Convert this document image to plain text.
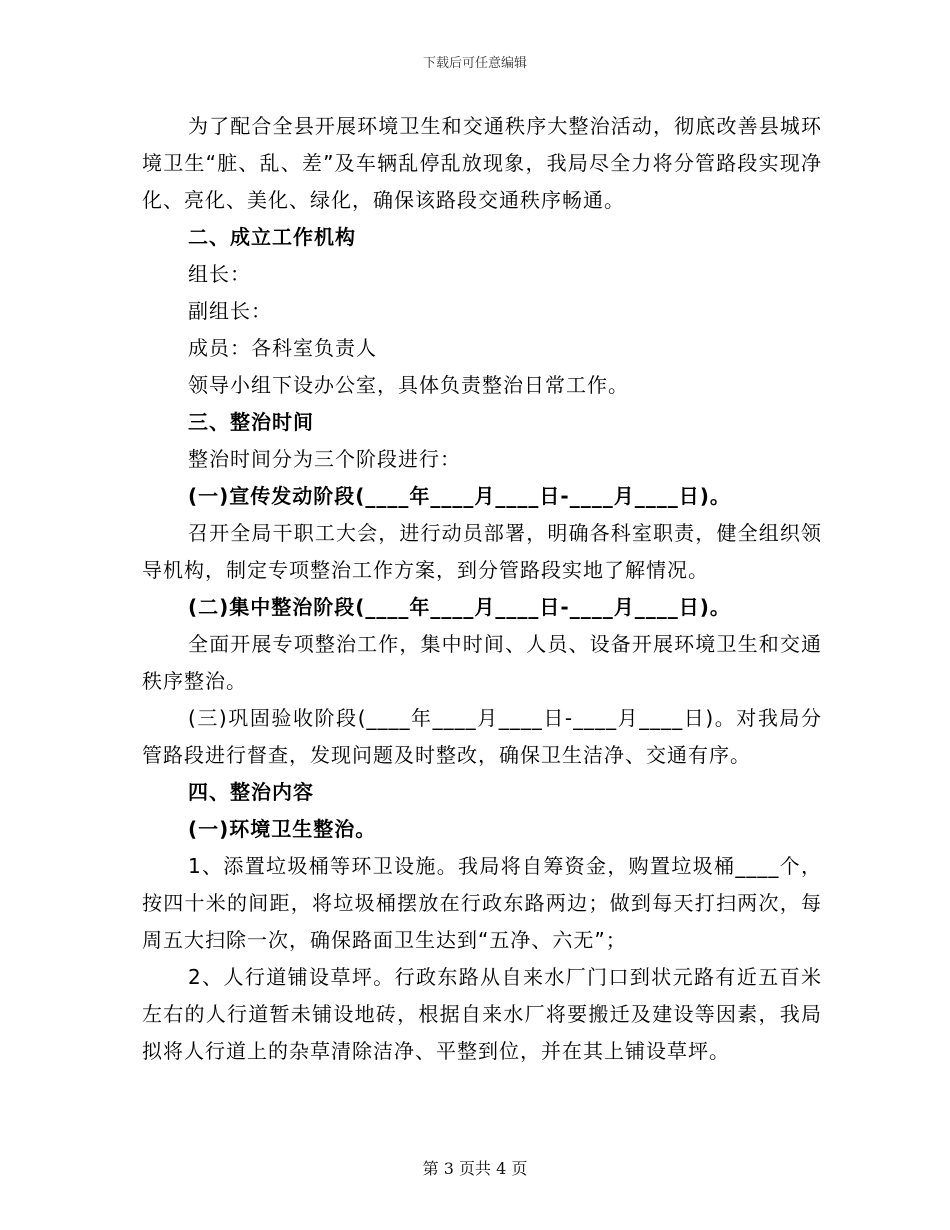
下载后可任意编辑

为了配合全县开展环境卫生和交通秩序大整治活动，彻底改善县城环境卫生“脏、乱、差”及车辆乱停乱放现象，我局尽全力将分管路段实现净化、亮化、美化、绿化，确保该路段交通秩序畅通。

二、成立工作机构

组长：

副组长：

成员：各科室负责人

领导小组下设办公室，具体负责整治日常工作。

三、整治时间

整治时间分为三个阶段进行：

(一)宣传发动阶段(____年____月____日-____月____日)。

召开全局干职工大会，进行动员部署，明确各科室职责，健全组织领导机构，制定专项整治工作方案，到分管路段实地了解情况。

(二)集中整治阶段(____年____月____日-____月____日)。

全面开展专项整治工作，集中时间、人员、设备开展环境卫生和交通秩序整治。

(三)巩固验收阶段(____年____月____日-____月____日)。对我局分管路段进行督查，发现问题及时整改，确保卫生洁净、交通有序。

四、整治内容

(一)环境卫生整治。

1、添置垃圾桶等环卫设施。我局将自筹资金，购置垃圾桶____个，按四十米的间距，将垃圾桶摆放在行政东路两边；做到每天打扫两次，每周五大扫除一次，确保路面卫生达到“五净、六无”；

2、人行道铺设草坪。行政东路从自来水厂门口到状元路有近五百米左右的人行道暂未铺设地砖，根据自来水厂将要搬迁及建设等因素，我局拟将人行道上的杂草清除洁净、平整到位，并在其上铺设草坪。

第 3 页共 4 页
